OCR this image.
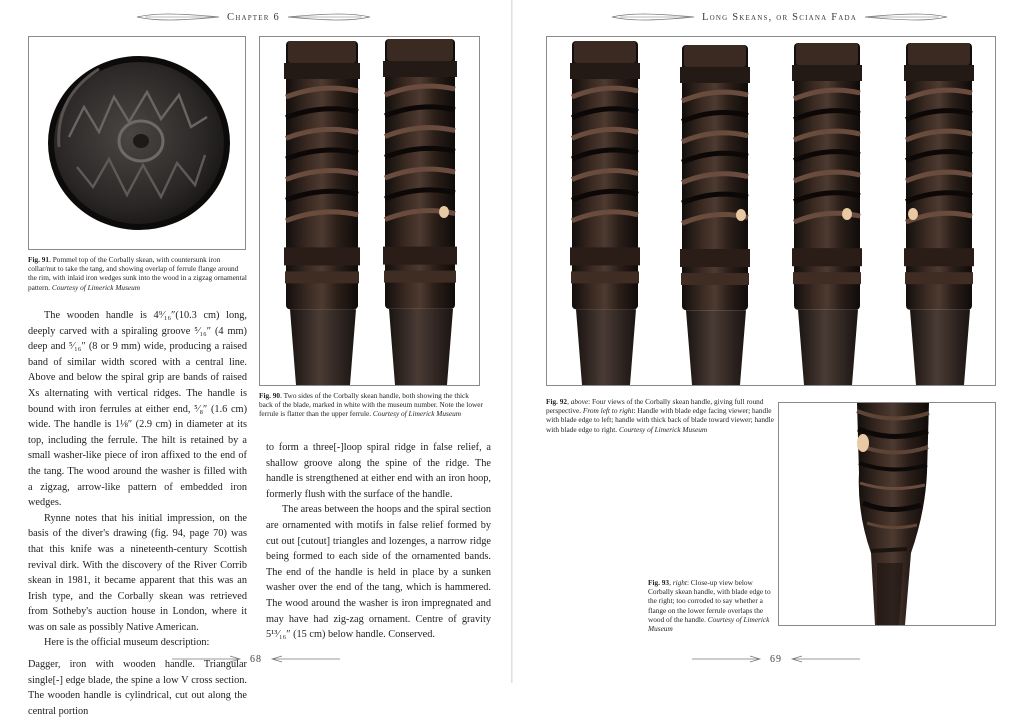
Chapter 6	Long Skeans, or Sciana Fada
Fig. 91. Pommel top of the Corbally skean, with countersunk iron collar/nut to take the tang, and showing overlap of ferrule flange around the rim, with inlaid iron wedges sunk into the wood in a zigzag ornamental pattern. Courtesy of Limerick Museum
Fig. 90. Two sides of the Corbally skean handle, both showing the thick back of the blade, marked in white with the museum number. Note the lower ferrule is flatter than the upper ferrule. Courtesy of Limerick Museum
Fig. 92, above: Four views of the Corbally skean handle, giving full round perspective. From left to right: Handle with blade edge facing viewer; handle with blade edge to left; handle with thick back of blade toward viewer; handle with blade edge to right. Courtesy of Limerick Museum
Fig. 93, right: Close-up view below Corbally skean handle, with blade edge to the right; too corroded to say whether a flange on the lower ferrule overlaps the wood of the handle. Courtesy of Limerick Museum

The wooden handle is 4⁹⁄₁₆″(10.3 cm) long, deeply carved with a spiraling groove ⁵⁄₁₆″ (4 mm) deep and ⁵⁄₁₆″ (8 or 9 mm) wide, producing a raised band of similar width scored with a central line. Above and below the spiral grip are bands of raised Xs alternating with vertical ridges. The handle is bound with iron ferrules at either end, ⁵⁄₈″ (1.6 cm) wide. The handle is 1⅛″ (2.9 cm) in diameter at its top, including the ferrule. The hilt is retained by a small washer-like piece of iron affixed to the end of the tang. The wood around the washer is filled with a zigzag, arrow-like pattern of embedded iron wedges.

Rynne notes that his initial impression, on the basis of the diver's drawing (fig. 94, page 70) was that this knife was a nineteenth-century Scottish revival dirk. With the discovery of the River Corrib skean in 1981, it became apparent that this was an Irish type, and the Corbally skean was retrieved from Sotheby's auction house in London, where it was on sale as possibly Native American.

Here is the official museum description:

Dagger, iron with wooden handle. Triangular single[-] edge blade, the spine a low V cross section. The wooden handle is cylindrical, cut out along the central portion

to form a three[-]loop spiral ridge in false relief, a shallow groove along the spine of the ridge. The handle is strengthened at either end with an iron hoop, formerly flush with the surface of the handle.

The areas between the hoops and the spiral section are ornamented with motifs in false relief formed by cut out [cutout] triangles and lozenges, a narrow ridge being formed to each side of the ornamented bands. The end of the handle is held in place by a sunken washer over the end of the tang, which is hammered. The wood around the washer is iron impregnated and may have had zig-zag ornament. Centre of gravity 5¹³⁄₁₆″ (15 cm) below handle. Conserved.

68	69
